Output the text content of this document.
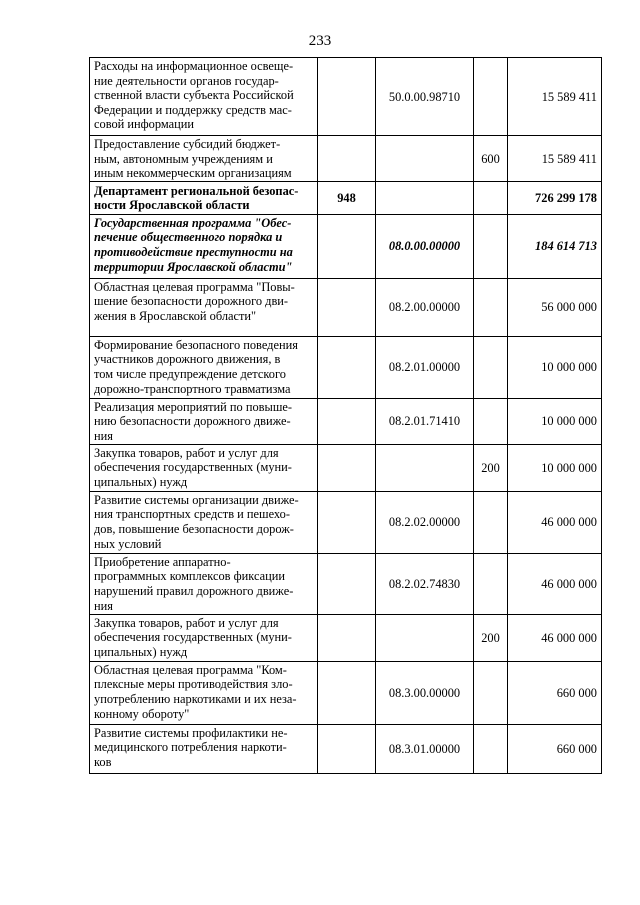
233
Расходы на информационное освеще-
ние деятельности органов государ-
ственной власти субъекта Российской
Федерации и поддержку средств мас-
совой информации		50.0.00.98710		15 589 411
Предоставление субсидий бюджет-
ным, автономным учреждениям и
иным некоммерческим организациям			600	15 589 411
Департамент региональной безопас-
ности Ярославской области	948			726 299 178
Государственная программа "Обес-
печение общественного порядка и
противодействие преступности на
территории Ярославской области"		08.0.00.00000		184 614 713
Областная целевая программа "Повы-
шение безопасности дорожного дви-
жения в Ярославской области"		08.2.00.00000		56 000 000
Формирование безопасного поведения
участников дорожного движения, в
том числе предупреждение детского
дорожно-транспортного травматизма		08.2.01.00000		10 000 000
Реализация мероприятий по повыше-
нию безопасности дорожного движе-
ния		08.2.01.71410		10 000 000
Закупка товаров, работ и услуг для
обеспечения государственных (муни-
ципальных) нужд			200	10 000 000
Развитие системы организации движе-
ния транспортных средств и пешехо-
дов, повышение безопасности дорож-
ных условий		08.2.02.00000		46 000 000
Приобретение аппаратно-
программных комплексов фиксации
нарушений правил дорожного движе-
ния		08.2.02.74830		46 000 000
Закупка товаров, работ и услуг для
обеспечения государственных (муни-
ципальных) нужд			200	46 000 000
Областная целевая программа "Ком-
плексные меры противодействия зло-
употреблению наркотиками и их неза-
конному обороту"		08.3.00.00000		660 000
Развитие системы профилактики не-
медицинского потребления наркоти-
ков		08.3.01.00000		660 000
